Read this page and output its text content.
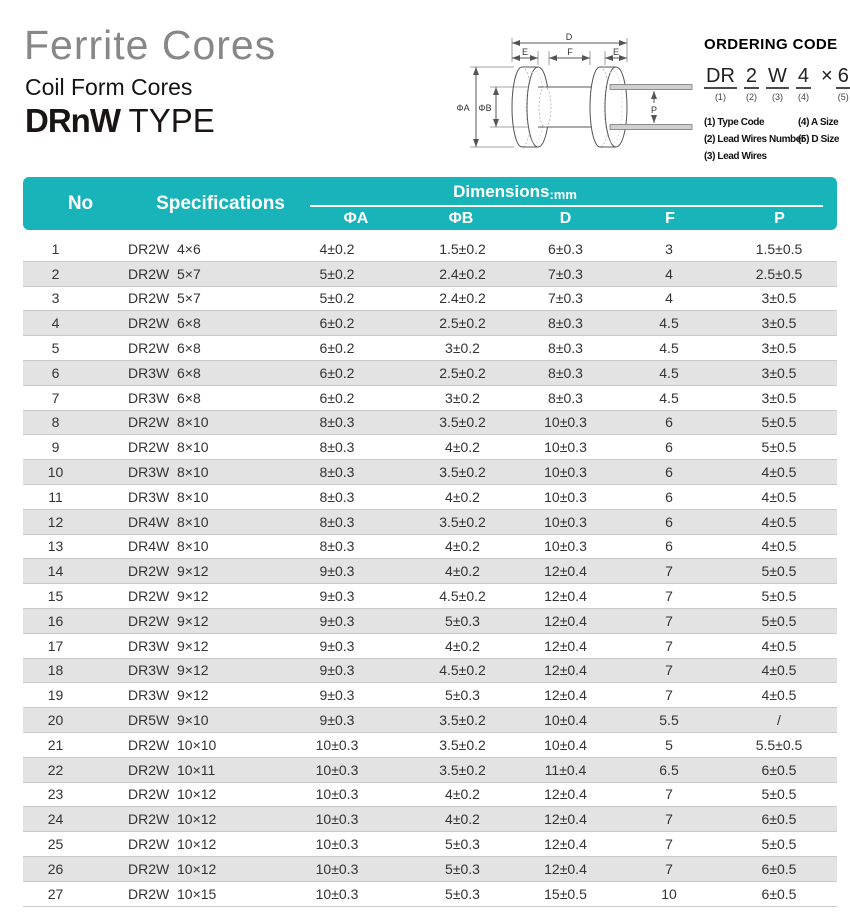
Ferrite Cores
Coil Form Cores
DRnW TYPE
D
E	F	E
ΦA ΦB	P
ORDERING CODE
DR
(1)
2
(2)
W
(3)
4
(4)
× 6
(5)
(1) Type Code
(2) Lead Wires Number
(3) Lead Wires
(4) A Size
(5) D Size
No	Specifications
Dimensions :mm
ΦA	ΦB	D	F	P
1	DR2W  4×6	4±0.2	1.5±0.2	6±0.3	3	1.5±0.5
2	DR2W  5×7	5±0.2	2.4±0.2	7±0.3	4	2.5±0.5
3	DR2W  5×7	5±0.2	2.4±0.2	7±0.3	4	3±0.5
4	DR2W  6×8	6±0.2	2.5±0.2	8±0.3	4.5	3±0.5
5	DR2W  6×8	6±0.2	3±0.2	8±0.3	4.5	3±0.5
6	DR3W  6×8	6±0.2	2.5±0.2	8±0.3	4.5	3±0.5
7	DR3W  6×8	6±0.2	3±0.2	8±0.3	4.5	3±0.5
8	DR2W  8×10	8±0.3	3.5±0.2	10±0.3	6	5±0.5
9	DR2W  8×10	8±0.3	4±0.2	10±0.3	6	5±0.5
10	DR3W  8×10	8±0.3	3.5±0.2	10±0.3	6	4±0.5
11	DR3W  8×10	8±0.3	4±0.2	10±0.3	6	4±0.5
12	DR4W  8×10	8±0.3	3.5±0.2	10±0.3	6	4±0.5
13	DR4W  8×10	8±0.3	4±0.2	10±0.3	6	4±0.5
14	DR2W  9×12	9±0.3	4±0.2	12±0.4	7	5±0.5
15	DR2W  9×12	9±0.3	4.5±0.2	12±0.4	7	5±0.5
16	DR2W  9×12	9±0.3	5±0.3	12±0.4	7	5±0.5
17	DR3W  9×12	9±0.3	4±0.2	12±0.4	7	4±0.5
18	DR3W  9×12	9±0.3	4.5±0.2	12±0.4	7	4±0.5
19	DR3W  9×12	9±0.3	5±0.3	12±0.4	7	4±0.5
20	DR5W  9×10	9±0.3	3.5±0.2	10±0.4	5.5	/
21	DR2W  10×10	10±0.3	3.5±0.2	10±0.4	5	5.5±0.5
22	DR2W  10×11	10±0.3	3.5±0.2	11±0.4	6.5	6±0.5
23	DR2W  10×12	10±0.3	4±0.2	12±0.4	7	5±0.5
24	DR2W  10×12	10±0.3	4±0.2	12±0.4	7	6±0.5
25	DR2W  10×12	10±0.3	5±0.3	12±0.4	7	5±0.5
26	DR2W  10×12	10±0.3	5±0.3	12±0.4	7	6±0.5
27	DR2W  10×15	10±0.3	5±0.3	15±0.5	10	6±0.5
